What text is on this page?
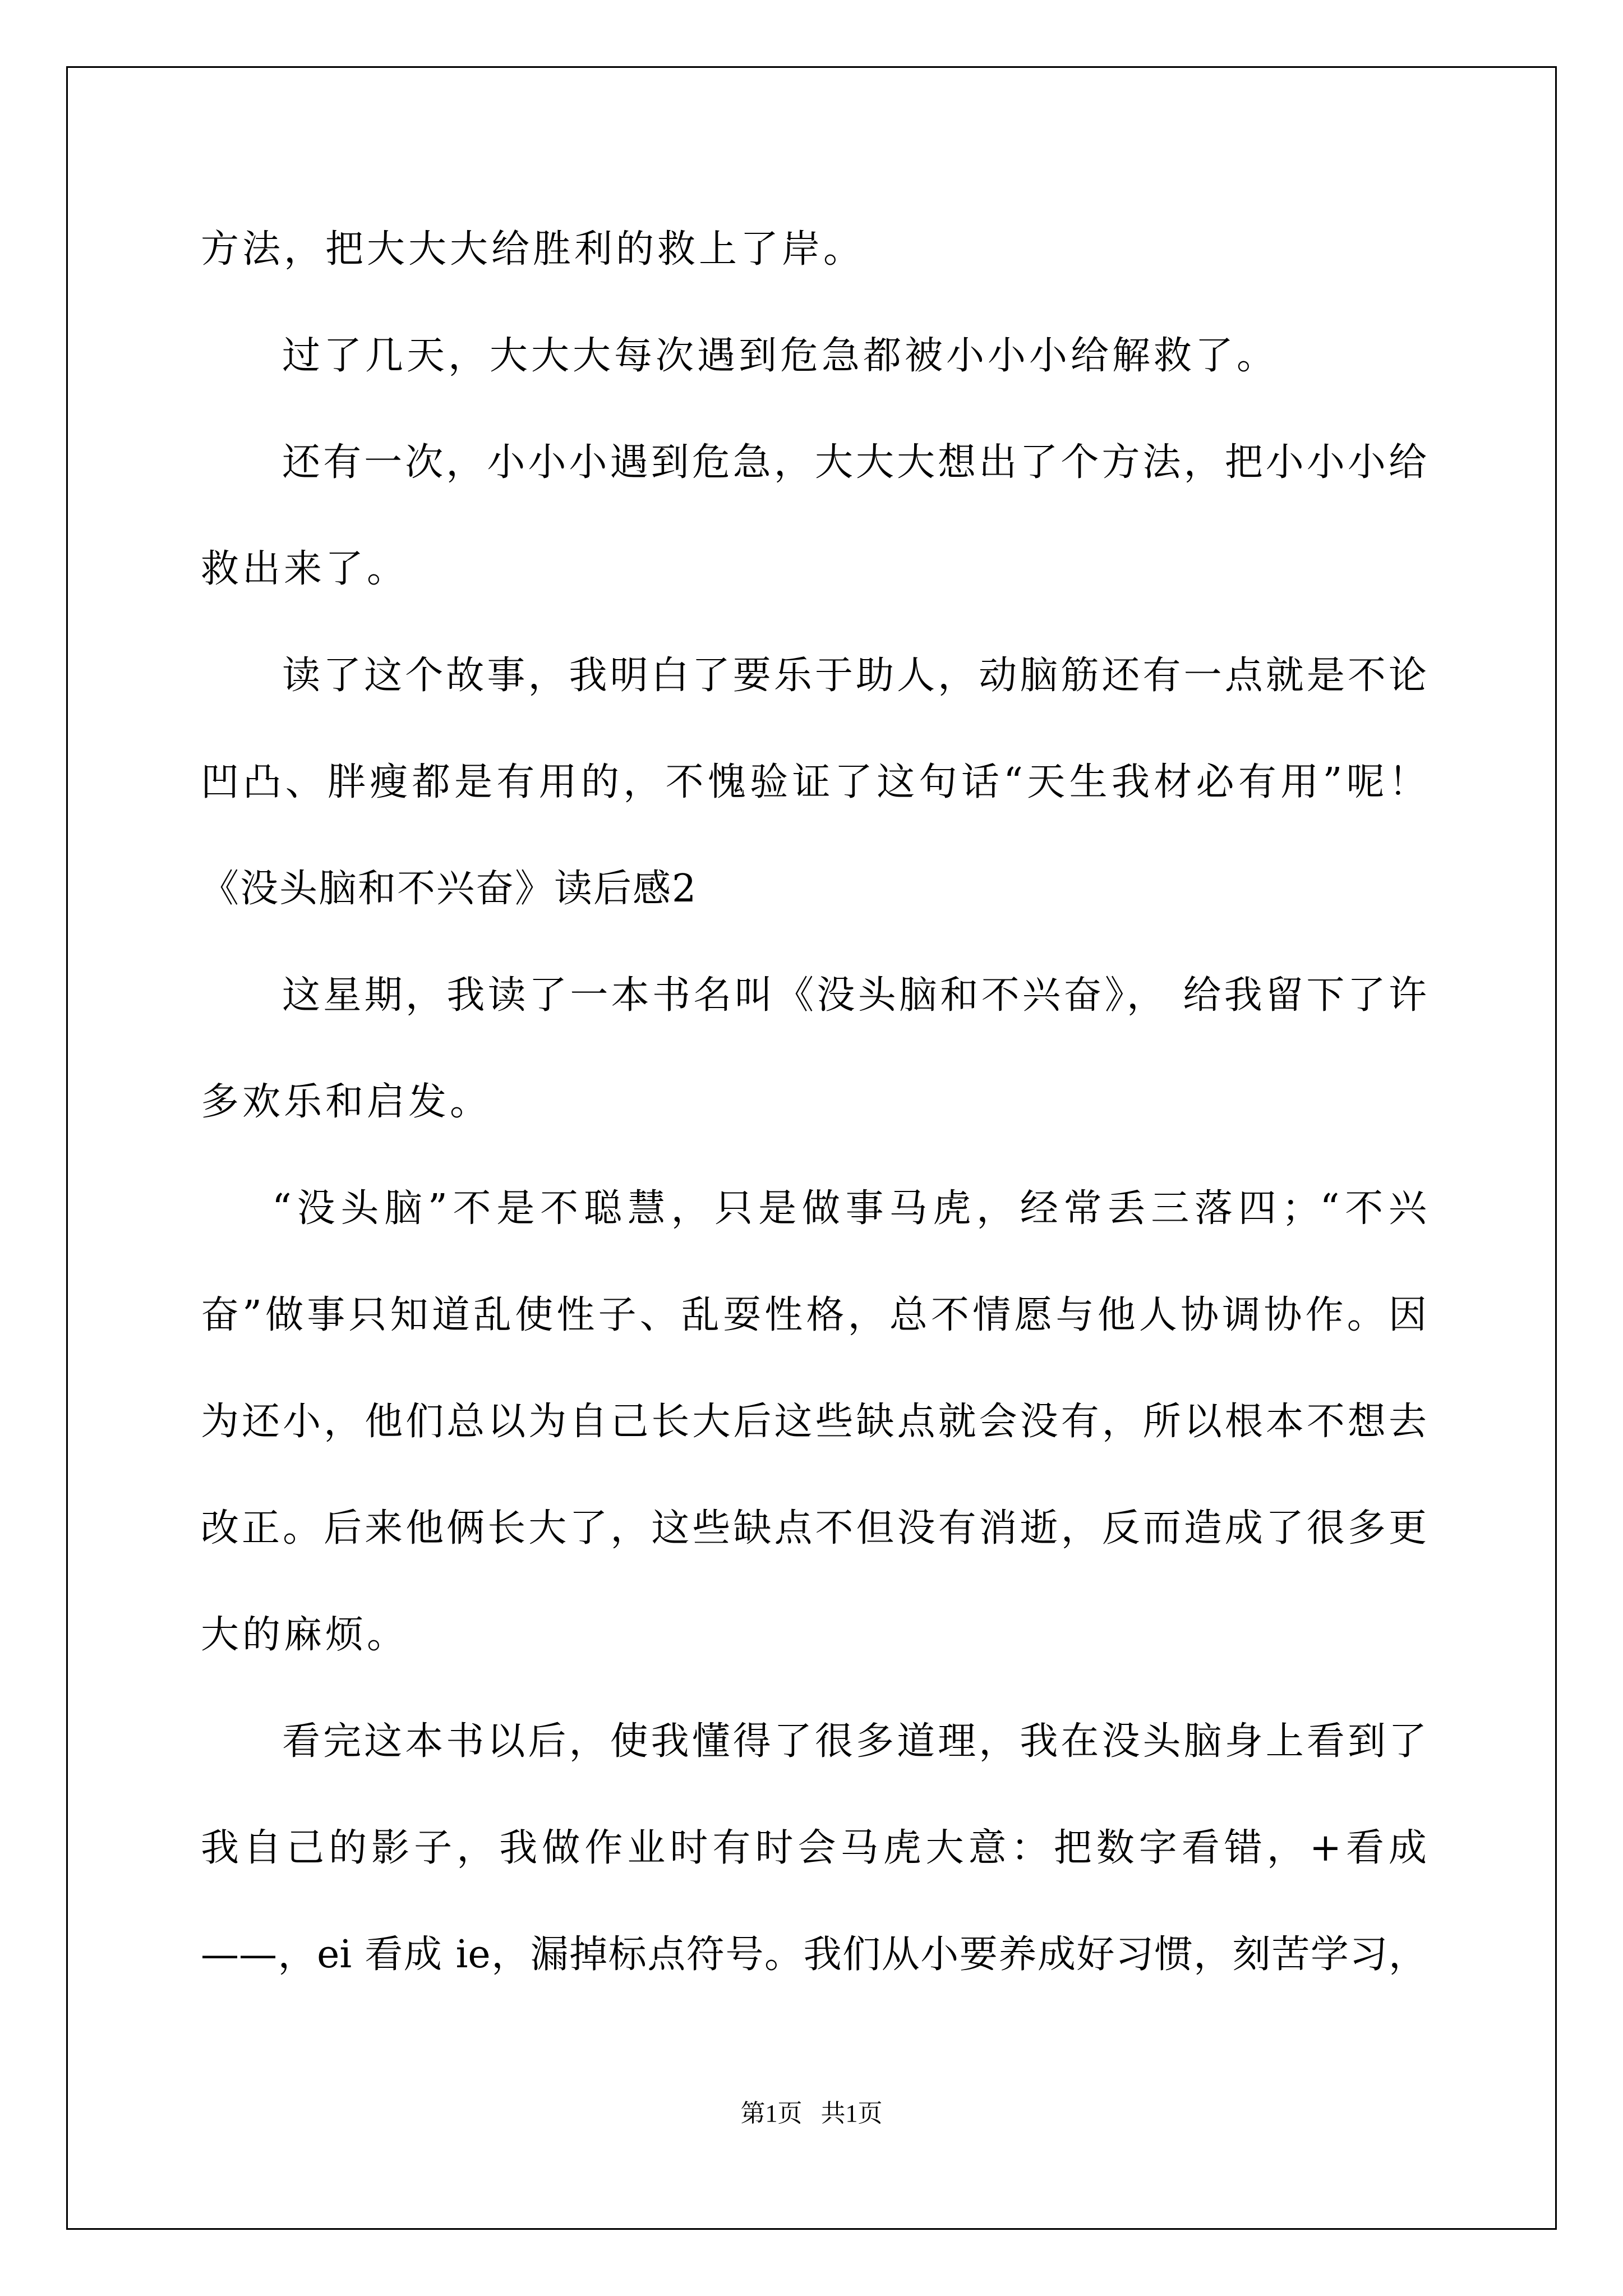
方法，把大大大给胜利的救上了岸。
过了几天，大大大每次遇到危急都被小小小给解救了。
还有一次，小小小遇到危急，大大大想出了个方法，把小小小给
救出来了。
读了这个故事，我明白了要乐于助人，动脑筋还有一点就是不论
凹凸、胖瘦都是有用的，不愧验证了这句话“天生我材必有用”呢！
《没头脑和不兴奋》读后感2
这星期，我读了一本书名叫《没头脑和不兴奋》， 给我留下了许
多欢乐和启发。
“没头脑”不是不聪慧，只是做事马虎，经常丢三落四；“不兴
奋”做事只知道乱使性子、乱耍性格，总不情愿与他人协调协作。因
为还小，他们总以为自己长大后这些缺点就会没有，所以根本不想去
改正。后来他俩长大了，这些缺点不但没有消逝，反而造成了很多更
大的麻烦。
看完这本书以后，使我懂得了很多道理，我在没头脑身上看到了
我自己的影子，我做作业时有时会马虎大意：把数字看错，+看成
——，ei 看成 ie，漏掉标点符号。我们从小要养成好习惯，刻苦学习，
第1页   共1页
